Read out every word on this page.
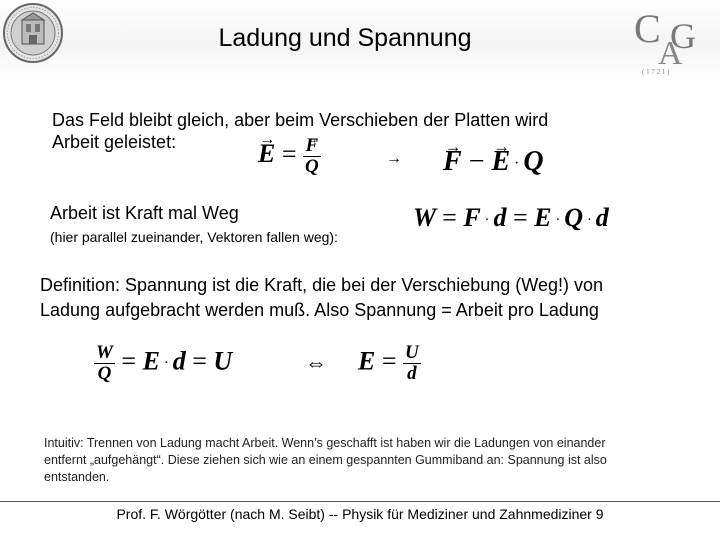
Ladung und Spannung	C
A
G
( 1 7 2 1 )
Das Feld bleibt gleich, aber beim Verschieben der Platten wird
Arbeit geleistet:	→ E = → $\frac{F}{Q}$	→ → F − → E · Q
Arbeit ist Kraft mal Weg
(hier parallel zueinander, Vektoren fallen weg):
W = F · d = E · Q · d
Definition: Spannung ist die Kraft, die bei der Verschiebung (Weg!) von
Ladung aufgebracht werden muß. Also Spannung = Arbeit pro Ladung
$\frac{W}{Q} = E \cdot d = U$	⇔ $E = \frac{U}{d}$
Intuitiv: Trennen von Ladung macht Arbeit. Wenn’s geschafft ist haben wir die Ladungen von einander
entfernt „aufgehängt“. Diese ziehen sich wie an einem gespannten Gummiband an: Spannung ist also
entstanden.
Prof. F. Wörgötter (nach M. Seibt) -- Physik für Mediziner und Zahnmediziner 9
